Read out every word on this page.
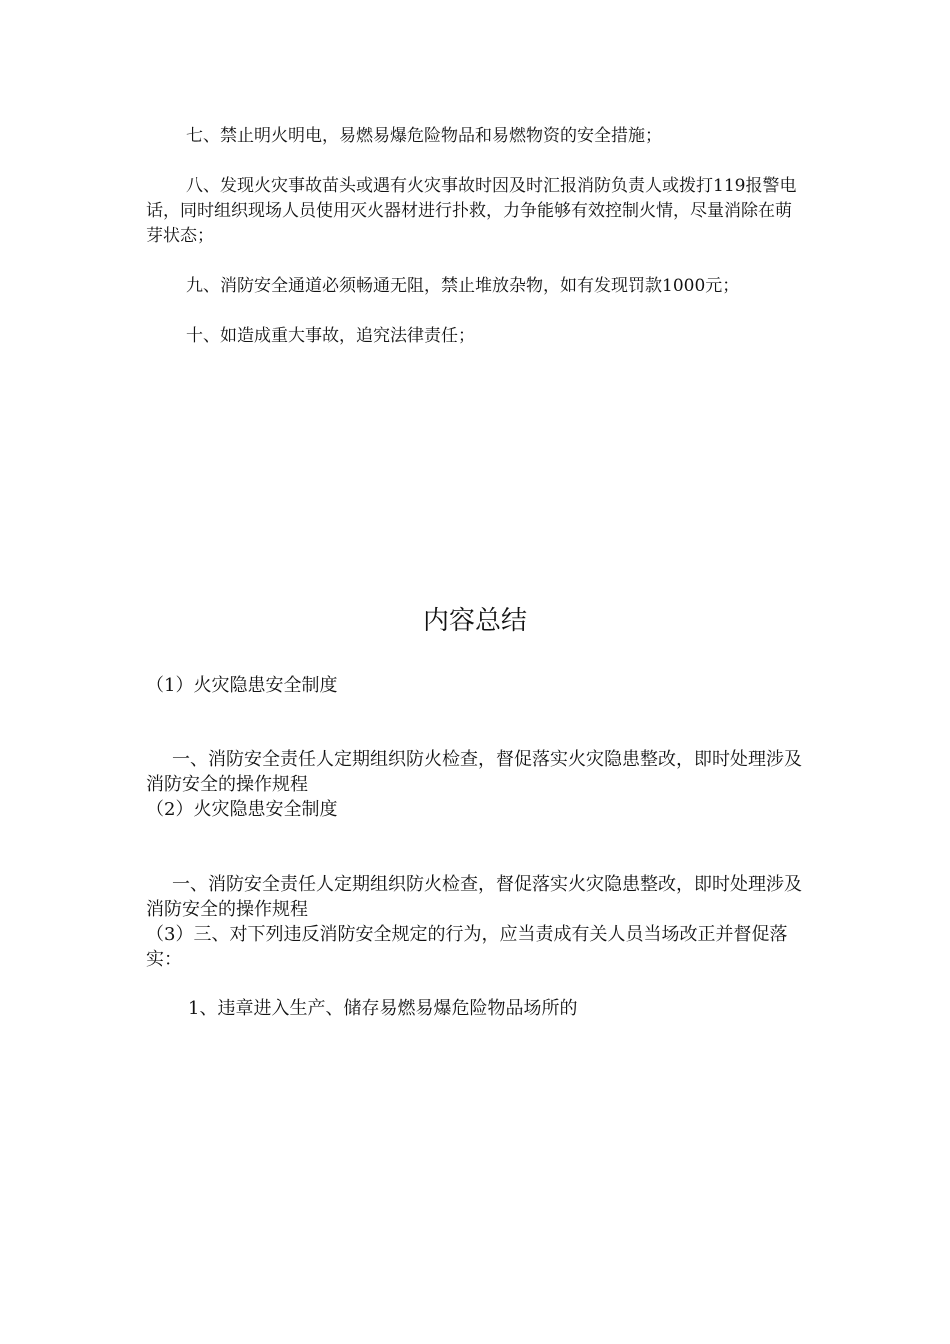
七、禁止明火明电，易燃易爆危险物品和易燃物资的安全措施；

八、发现火灾事故苗头或遇有火灾事故时因及时汇报消防负责人或拨打119报警电话，同时组织现场人员使用灭火器材进行扑救，力争能够有效控制火情，尽量消除在萌芽状态；

九、消防安全通道必须畅通无阻，禁止堆放杂物，如有发现罚款1000元；

十、如造成重大事故，追究法律责任；

内容总结

（1）火灾隐患安全制度

一、消防安全责任人定期组织防火检查，督促落实火灾隐患整改，即时处理涉及消防安全的操作规程

（2）火灾隐患安全制度

一、消防安全责任人定期组织防火检查，督促落实火灾隐患整改，即时处理涉及消防安全的操作规程

（3）三、对下列违反消防安全规定的行为，应当责成有关人员当场改正并督促落实：

1、违章进入生产、储存易燃易爆危险物品场所的
